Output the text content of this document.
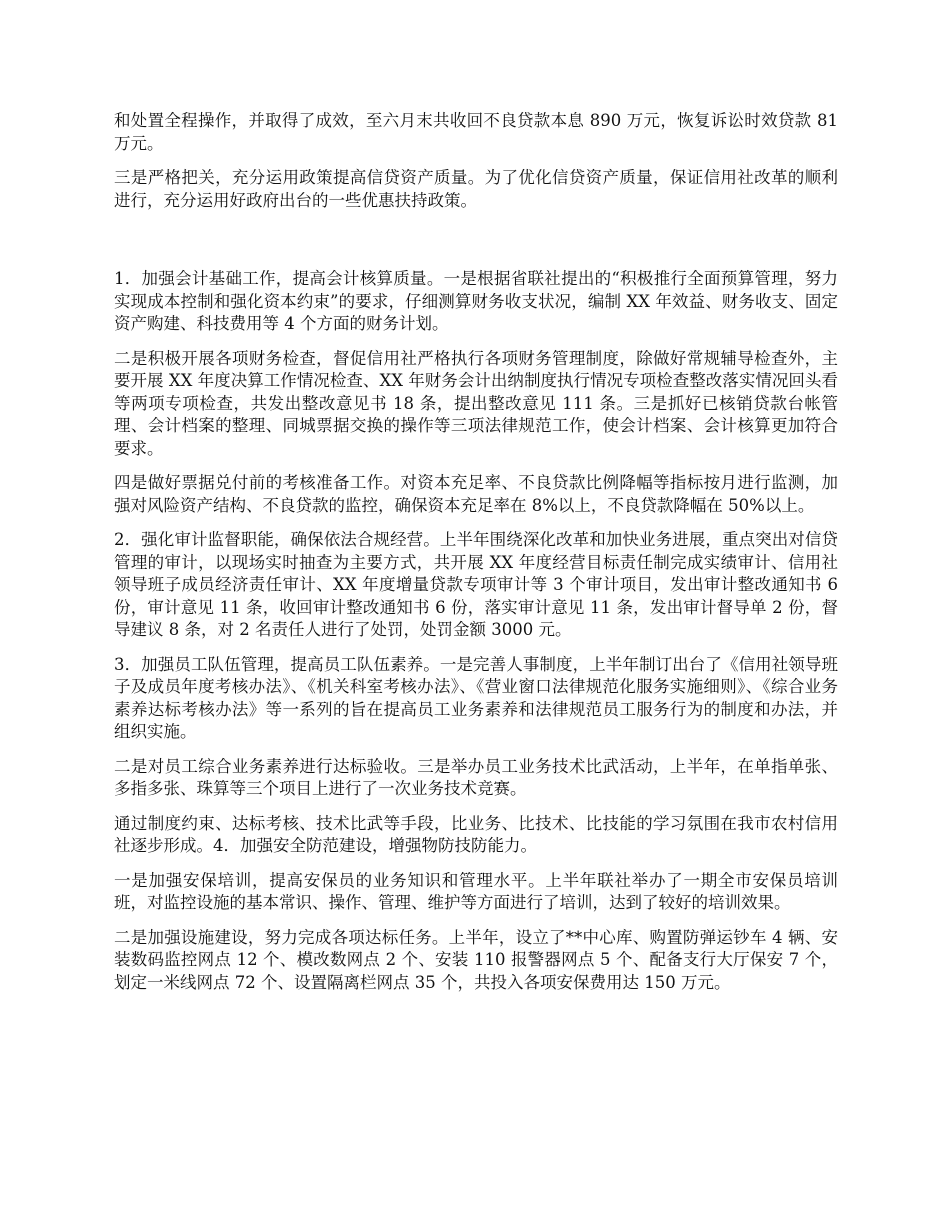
和处置全程操作，并取得了成效，至六月末共收回不良贷款本息 890 万元，恢复诉讼时效贷款 81 万元。

三是严格把关，充分运用政策提高信贷资产质量。为了优化信贷资产质量，保证信用社改革的顺利进行，充分运用好政府出台的一些优惠扶持政策。

1．加强会计基础工作，提高会计核算质量。一是根据省联社提出的“积极推行全面预算管理，努力实现成本控制和强化资本约束”的要求，仔细测算财务收支状况，编制 XX 年效益、财务收支、固定资产购建、科技费用等 4 个方面的财务计划。

二是积极开展各项财务检查，督促信用社严格执行各项财务管理制度，除做好常规辅导检查外，主要开展 XX 年度决算工作情况检查、XX 年财务会计出纳制度执行情况专项检查整改落实情况回头看等两项专项检查，共发出整改意见书 18 条，提出整改意见 111 条。三是抓好已核销贷款台帐管理、会计档案的整理、同城票据交换的操作等三项法律规范工作，使会计档案、会计核算更加符合要求。

四是做好票据兑付前的考核准备工作。对资本充足率、不良贷款比例降幅等指标按月进行监测，加强对风险资产结构、不良贷款的监控，确保资本充足率在 8%以上，不良贷款降幅在 50%以上。

2．强化审计监督职能，确保依法合规经营。上半年围绕深化改革和加快业务进展，重点突出对信贷管理的审计，以现场实时抽查为主要方式，共开展 XX 年度经营目标责任制完成实绩审计、信用社领导班子成员经济责任审计、XX 年度增量贷款专项审计等 3 个审计项目，发出审计整改通知书 6 份，审计意见 11 条，收回审计整改通知书 6 份，落实审计意见 11 条，发出审计督导单 2 份，督导建议 8 条，对 2 名责任人进行了处罚，处罚金额 3000 元。

3．加强员工队伍管理，提高员工队伍素养。一是完善人事制度，上半年制订出台了《信用社领导班子及成员年度考核办法》、《机关科室考核办法》、《营业窗口法律规范化服务实施细则》、《综合业务素养达标考核办法》等一系列的旨在提高员工业务素养和法律规范员工服务行为的制度和办法，并组织实施。

二是对员工综合业务素养进行达标验收。三是举办员工业务技术比武活动，上半年，在单指单张、多指多张、珠算等三个项目上进行了一次业务技术竞赛。

通过制度约束、达标考核、技术比武等手段，比业务、比技术、比技能的学习氛围在我市农村信用社逐步形成。4．加强安全防范建设，增强物防技防能力。

一是加强安保培训，提高安保员的业务知识和管理水平。上半年联社举办了一期全市安保员培训班，对监控设施的基本常识、操作、管理、维护等方面进行了培训，达到了较好的培训效果。

二是加强设施建设，努力完成各项达标任务。上半年，设立了**中心库、购置防弹运钞车 4 辆、安装数码监控网点 12 个、模改数网点 2 个、安装 110 报警器网点 5 个、配备支行大厅保安 7 个，划定一米线网点 72 个、设置隔离栏网点 35 个，共投入各项安保费用达 150 万元。
